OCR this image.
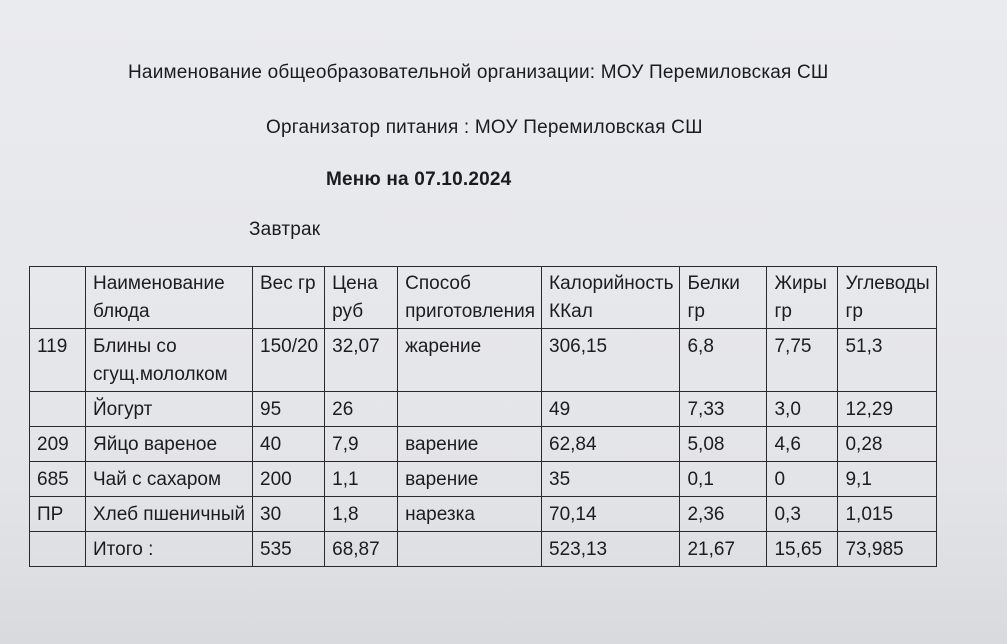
Наименование общеобразовательной организации: МОУ Перемиловская СШ
Организатор питания : МОУ Перемиловская СШ
Меню на 07.10.2024
Завтрак
	Наименование блюда	Вес гр	Цена руб	Способ приготовления	Калорийность ККал	Белки гр	Жиры гр	Углеводы гр
119	Блины со сгущ.мололком	150/20	32,07	жарение	306,15	6,8	7,75	51,3
	Йогурт	95	26		49	7,33	3,0	12,29
209	Яйцо вареное	40	7,9	варение	62,84	5,08	4,6	0,28
685	Чай с сахаром	200	1,1	варение	35	0,1	0	9,1
ПР	Хлеб пшеничный	30	1,8	нарезка	70,14	2,36	0,3	1,015
	Итого :	535	68,87		523,13	21,67	15,65	73,985
